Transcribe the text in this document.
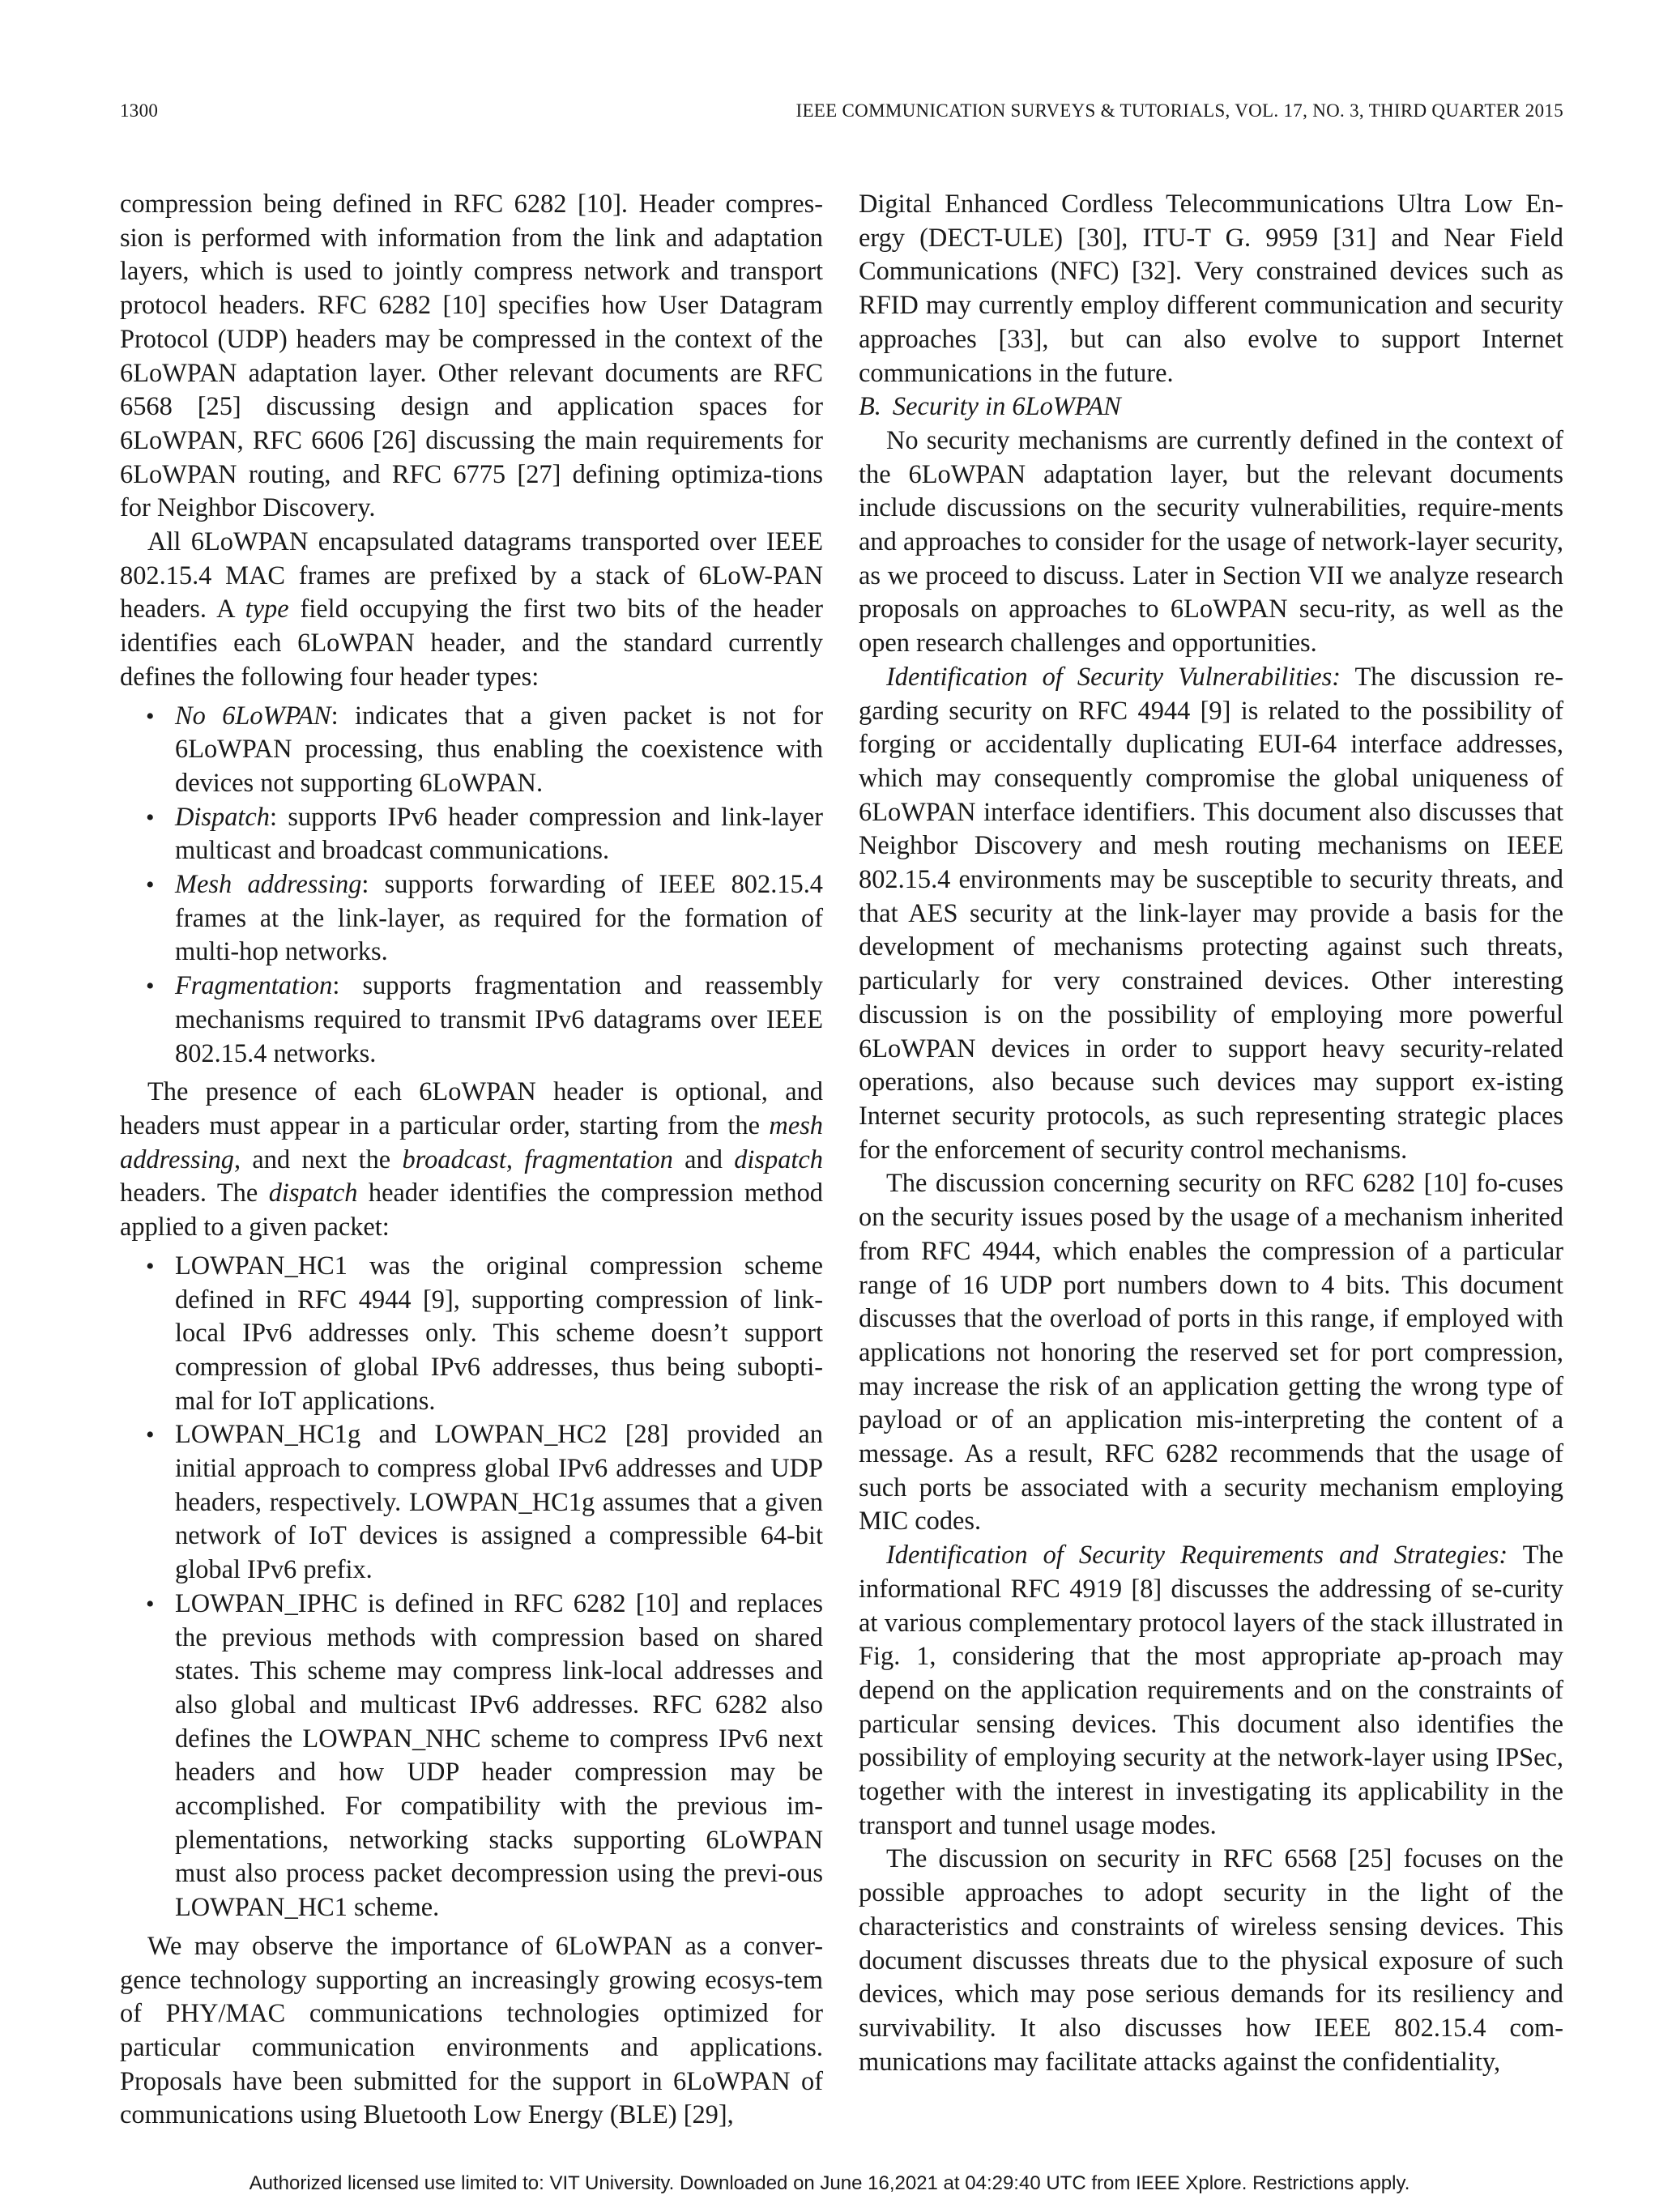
1300	IEEE COMMUNICATION SURVEYS & TUTORIALS, VOL. 17, NO. 3, THIRD QUARTER 2015

compression being defined in RFC 6282 [10]. Header compres-sion is performed with information from the link and adaptation layers, which is used to jointly compress network and transport protocol headers. RFC 6282 [10] specifies how User Datagram Protocol (UDP) headers may be compressed in the context of the 6LoWPAN adaptation layer. Other relevant documents are RFC 6568 [25] discussing design and application spaces for 6LoWPAN, RFC 6606 [26] discussing the main requirements for 6LoWPAN routing, and RFC 6775 [27] defining optimiza-tions for Neighbor Discovery.

All 6LoWPAN encapsulated datagrams transported over IEEE 802.15.4 MAC frames are prefixed by a stack of 6LoW-PAN headers. A type field occupying the first two bits of the header identifies each 6LoWPAN header, and the standard currently defines the following four header types:

• No 6LoWPAN: indicates that a given packet is not for 6LoWPAN processing, thus enabling the coexistence with devices not supporting 6LoWPAN.
• Dispatch: supports IPv6 header compression and link-layer multicast and broadcast communications.
• Mesh addressing: supports forwarding of IEEE 802.15.4 frames at the link-layer, as required for the formation of multi-hop networks.
• Fragmentation: supports fragmentation and reassembly mechanisms required to transmit IPv6 datagrams over IEEE 802.15.4 networks.

The presence of each 6LoWPAN header is optional, and headers must appear in a particular order, starting from the mesh addressing, and next the broadcast, fragmentation and dispatch headers. The dispatch header identifies the compression method applied to a given packet:

• LOWPAN_HC1 was the original compression scheme defined in RFC 4944 [9], supporting compression of link-local IPv6 addresses only. This scheme doesn’t support compression of global IPv6 addresses, thus being subopti-mal for IoT applications.
• LOWPAN_HC1g and LOWPAN_HC2 [28] provided an initial approach to compress global IPv6 addresses and UDP headers, respectively. LOWPAN_HC1g assumes that a given network of IoT devices is assigned a compressible 64-bit global IPv6 prefix.
• LOWPAN_IPHC is defined in RFC 6282 [10] and replaces the previous methods with compression based on shared states. This scheme may compress link-local addresses and also global and multicast IPv6 addresses. RFC 6282 also defines the LOWPAN_NHC scheme to compress IPv6 next headers and how UDP header compression may be accomplished. For compatibility with the previous im-plementations, networking stacks supporting 6LoWPAN must also process packet decompression using the previ-ous LOWPAN_HC1 scheme.

We may observe the importance of 6LoWPAN as a conver-gence technology supporting an increasingly growing ecosys-tem of PHY/MAC communications technologies optimized for particular communication environments and applications. Proposals have been submitted for the support in 6LoWPAN of communications using Bluetooth Low Energy (BLE) [29],

Digital Enhanced Cordless Telecommunications Ultra Low En-ergy (DECT-ULE) [30], ITU-T G. 9959 [31] and Near Field Communications (NFC) [32]. Very constrained devices such as RFID may currently employ different communication and security approaches [33], but can also evolve to support Internet communications in the future.

B. Security in 6LoWPAN

No security mechanisms are currently defined in the context of the 6LoWPAN adaptation layer, but the relevant documents include discussions on the security vulnerabilities, require-ments and approaches to consider for the usage of network-layer security, as we proceed to discuss. Later in Section VII we analyze research proposals on approaches to 6LoWPAN secu-rity, as well as the open research challenges and opportunities.

Identification of Security Vulnerabilities: The discussion re-garding security on RFC 4944 [9] is related to the possibility of forging or accidentally duplicating EUI-64 interface addresses, which may consequently compromise the global uniqueness of 6LoWPAN interface identifiers. This document also discusses that Neighbor Discovery and mesh routing mechanisms on IEEE 802.15.4 environments may be susceptible to security threats, and that AES security at the link-layer may provide a basis for the development of mechanisms protecting against such threats, particularly for very constrained devices. Other interesting discussion is on the possibility of employing more powerful 6LoWPAN devices in order to support heavy security-related operations, also because such devices may support ex-isting Internet security protocols, as such representing strategic places for the enforcement of security control mechanisms.

The discussion concerning security on RFC 6282 [10] fo-cuses on the security issues posed by the usage of a mechanism inherited from RFC 4944, which enables the compression of a particular range of 16 UDP port numbers down to 4 bits. This document discusses that the overload of ports in this range, if employed with applications not honoring the reserved set for port compression, may increase the risk of an application getting the wrong type of payload or of an application mis-interpreting the content of a message. As a result, RFC 6282 recommends that the usage of such ports be associated with a security mechanism employing MIC codes.

Identification of Security Requirements and Strategies: The informational RFC 4919 [8] discusses the addressing of se-curity at various complementary protocol layers of the stack illustrated in Fig. 1, considering that the most appropriate ap-proach may depend on the application requirements and on the constraints of particular sensing devices. This document also identifies the possibility of employing security at the network-layer using IPSec, together with the interest in investigating its applicability in the transport and tunnel usage modes.

The discussion on security in RFC 6568 [25] focuses on the possible approaches to adopt security in the light of the characteristics and constraints of wireless sensing devices. This document discusses threats due to the physical exposure of such devices, which may pose serious demands for its resiliency and survivability. It also discusses how IEEE 802.15.4 com-munications may facilitate attacks against the confidentiality,

Authorized licensed use limited to: VIT University. Downloaded on June 16,2021 at 04:29:40 UTC from IEEE Xplore. Restrictions apply.
